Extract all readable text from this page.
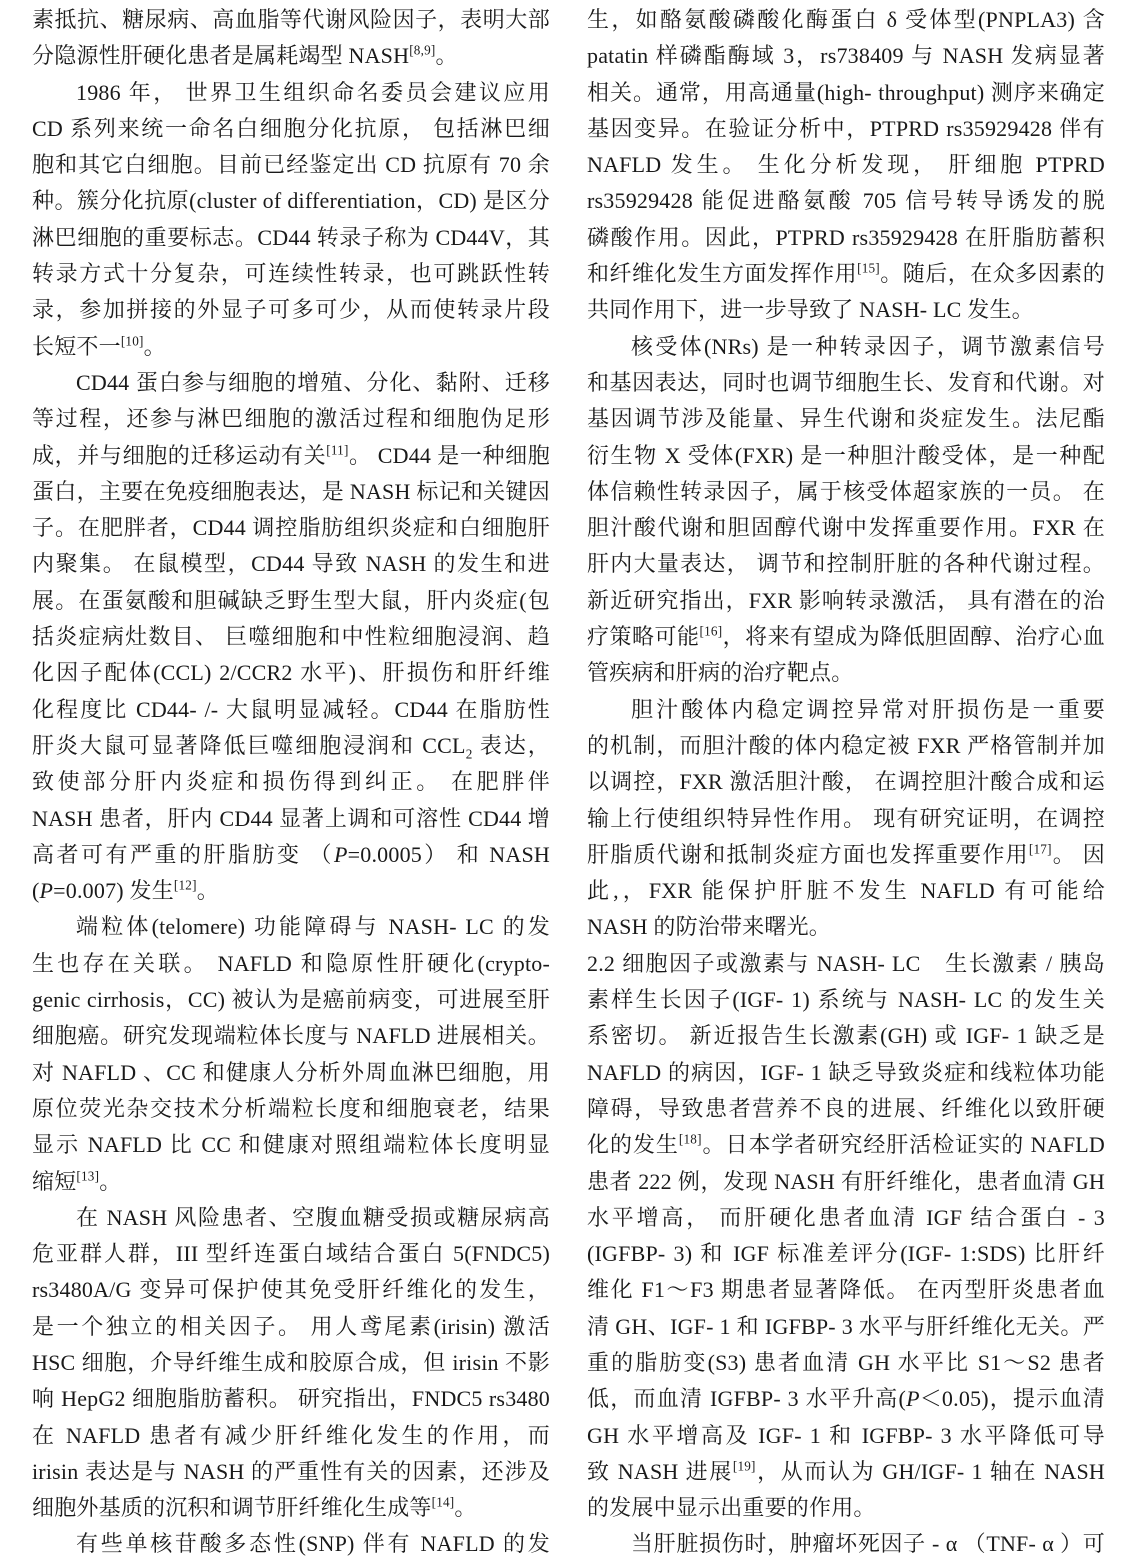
素抵抗、糖尿病、高血脂等代谢风险因子，表明大部
分隐源性肝硬化患者是属耗竭型 NASH[8,9]。
1986 年， 世界卫生组织命名委员会建议应用
CD 系列来统一命名白细胞分化抗原， 包括淋巴细
胞和其它白细胞。目前已经鉴定出 CD 抗原有 70 余
种。簇分化抗原(cluster of differentiation，CD) 是区分
淋巴细胞的重要标志。CD44 转录子称为 CD44V，其
转录方式十分复杂，可连续性转录，也可跳跃性转
录，参加拼接的外显子可多可少，从而使转录片段
长短不一[10]。
CD44 蛋白参与细胞的增殖、分化、黏附、迁移
等过程，还参与淋巴细胞的激活过程和细胞伪足形
成，并与细胞的迁移运动有关[11]。 CD44 是一种细胞
蛋白，主要在免疫细胞表达，是 NASH 标记和关键因
子。在肥胖者，CD44 调控脂肪组织炎症和白细胞肝
内聚集。 在鼠模型，CD44 导致 NASH 的发生和进
展。在蛋氨酸和胆碱缺乏野生型大鼠，肝内炎症(包
括炎症病灶数目、 巨噬细胞和中性粒细胞浸润、趋
化因子配体(CCL) 2/CCR2 水平)、肝损伤和肝纤维
化程度比 CD44- /- 大鼠明显减轻。CD44 在脂肪性
肝炎大鼠可显著降低巨噬细胞浸润和 $CCL_2$ 表达，
致使部分肝内炎症和损伤得到纠正。 在肥胖伴
NASH 患者，肝内 CD44 显著上调和可溶性 CD44 增
高者可有严重的肝脂肪变 （P=0.0005） 和 NASH
(P=0.007) 发生[12]。
端粒体(telomere) 功能障碍与 NASH- LC 的发
生也存在关联。 NAFLD 和隐原性肝硬化(crypto-
genic cirrhosis，CC) 被认为是癌前病变，可进展至肝
细胞癌。研究发现端粒体长度与 NAFLD 进展相关。
对 NAFLD 、CC 和健康人分析外周血淋巴细胞，用
原位荧光杂交技术分析端粒长度和细胞衰老，结果
显示 NAFLD 比 CC 和健康对照组端粒体长度明显
缩短[13]。
在 NASH 风险患者、空腹血糖受损或糖尿病高
危亚群人群，III 型纤连蛋白域结合蛋白 5(FNDC5)
rs3480A/G 变异可保护使其免受肝纤维化的发生，
是一个独立的相关因子。 用人鸢尾素(irisin) 激活
HSC 细胞，介导纤维生成和胶原合成，但 irisin 不影
响 HepG2 细胞脂肪蓄积。 研究指出，FNDC5 rs3480
在 NAFLD 患者有减少肝纤维化发生的作用，而
irisin 表达是与 NASH 的严重性有关的因素，还涉及
细胞外基质的沉积和调节肝纤维化生成等[14]。
有些单核苷酸多态性(SNP) 伴有 NAFLD 的发
生，如酪氨酸磷酸化酶蛋白 δ 受体型(PNPLA3) 含
patatin 样磷酯酶域 3，rs738409 与 NASH 发病显著
相关。通常，用高通量(high- throughput) 测序来确定
基因变异。在验证分析中，PTPRD rs35929428 伴有
NAFLD 发生。 生化分析发现， 肝细胞 PTPRD
rs35929428 能促进酪氨酸 705 信号转导诱发的脱
磷酸作用。因此，PTPRD rs35929428 在肝脂肪蓄积
和纤维化发生方面发挥作用[15]。随后，在众多因素的
共同作用下，进一步导致了 NASH- LC 发生。
核受体(NRs) 是一种转录因子，调节激素信号
和基因表达，同时也调节细胞生长、发育和代谢。对
基因调节涉及能量、异生代谢和炎症发生。法尼酯
衍生物 X 受体(FXR) 是一种胆汁酸受体，是一种配
体信赖性转录因子，属于核受体超家族的一员。 在
胆汁酸代谢和胆固醇代谢中发挥重要作用。FXR 在
肝内大量表达， 调节和控制肝脏的各种代谢过程。
新近研究指出，FXR 影响转录激活， 具有潜在的治
疗策略可能[16]，将来有望成为降低胆固醇、治疗心血
管疾病和肝病的治疗靶点。
胆汁酸体内稳定调控异常对肝损伤是一重要
的机制，而胆汁酸的体内稳定被 FXR 严格管制并加
以调控，FXR 激活胆汁酸， 在调控胆汁酸合成和运
输上行使组织特异性作用。 现有研究证明，在调控
肝脂质代谢和抵制炎症方面也发挥重要作用[17]。 因
此,，FXR 能保护肝脏不发生 NAFLD 有可能给
NASH 的防治带来曙光。
2.2 细胞因子或激素与 NASH- LC　生长激素 / 胰岛
素样生长因子(IGF- 1) 系统与 NASH- LC 的发生关
系密切。 新近报告生长激素(GH) 或 IGF- 1 缺乏是
NAFLD 的病因，IGF- 1 缺乏导致炎症和线粒体功能
障碍，导致患者营养不良的进展、纤维化以致肝硬
化的发生[18]。日本学者研究经肝活检证实的 NAFLD
患者 222 例，发现 NASH 有肝纤维化，患者血清 GH
水平增高， 而肝硬化患者血清 IGF 结合蛋白 - 3
(IGFBP- 3) 和 IGF 标准差评分(IGF- 1:SDS) 比肝纤
维化 F1～F3 期患者显著降低。 在丙型肝炎患者血
清 GH、IGF- 1 和 IGFBP- 3 水平与肝纤维化无关。严
重的脂肪变(S3) 患者血清 GH 水平比 S1～S2 患者
低，而血清 IGFBP- 3 水平升高(P＜0.05)，提示血清
GH 水平增高及 IGF- 1 和 IGFBP- 3 水平降低可导
致 NASH 进展[19]，从而认为 GH/IGF- 1 轴在 NASH
的发展中显示出重要的作用。
当肝脏损伤时，肿瘤坏死因子 - α （TNF- α ）可
